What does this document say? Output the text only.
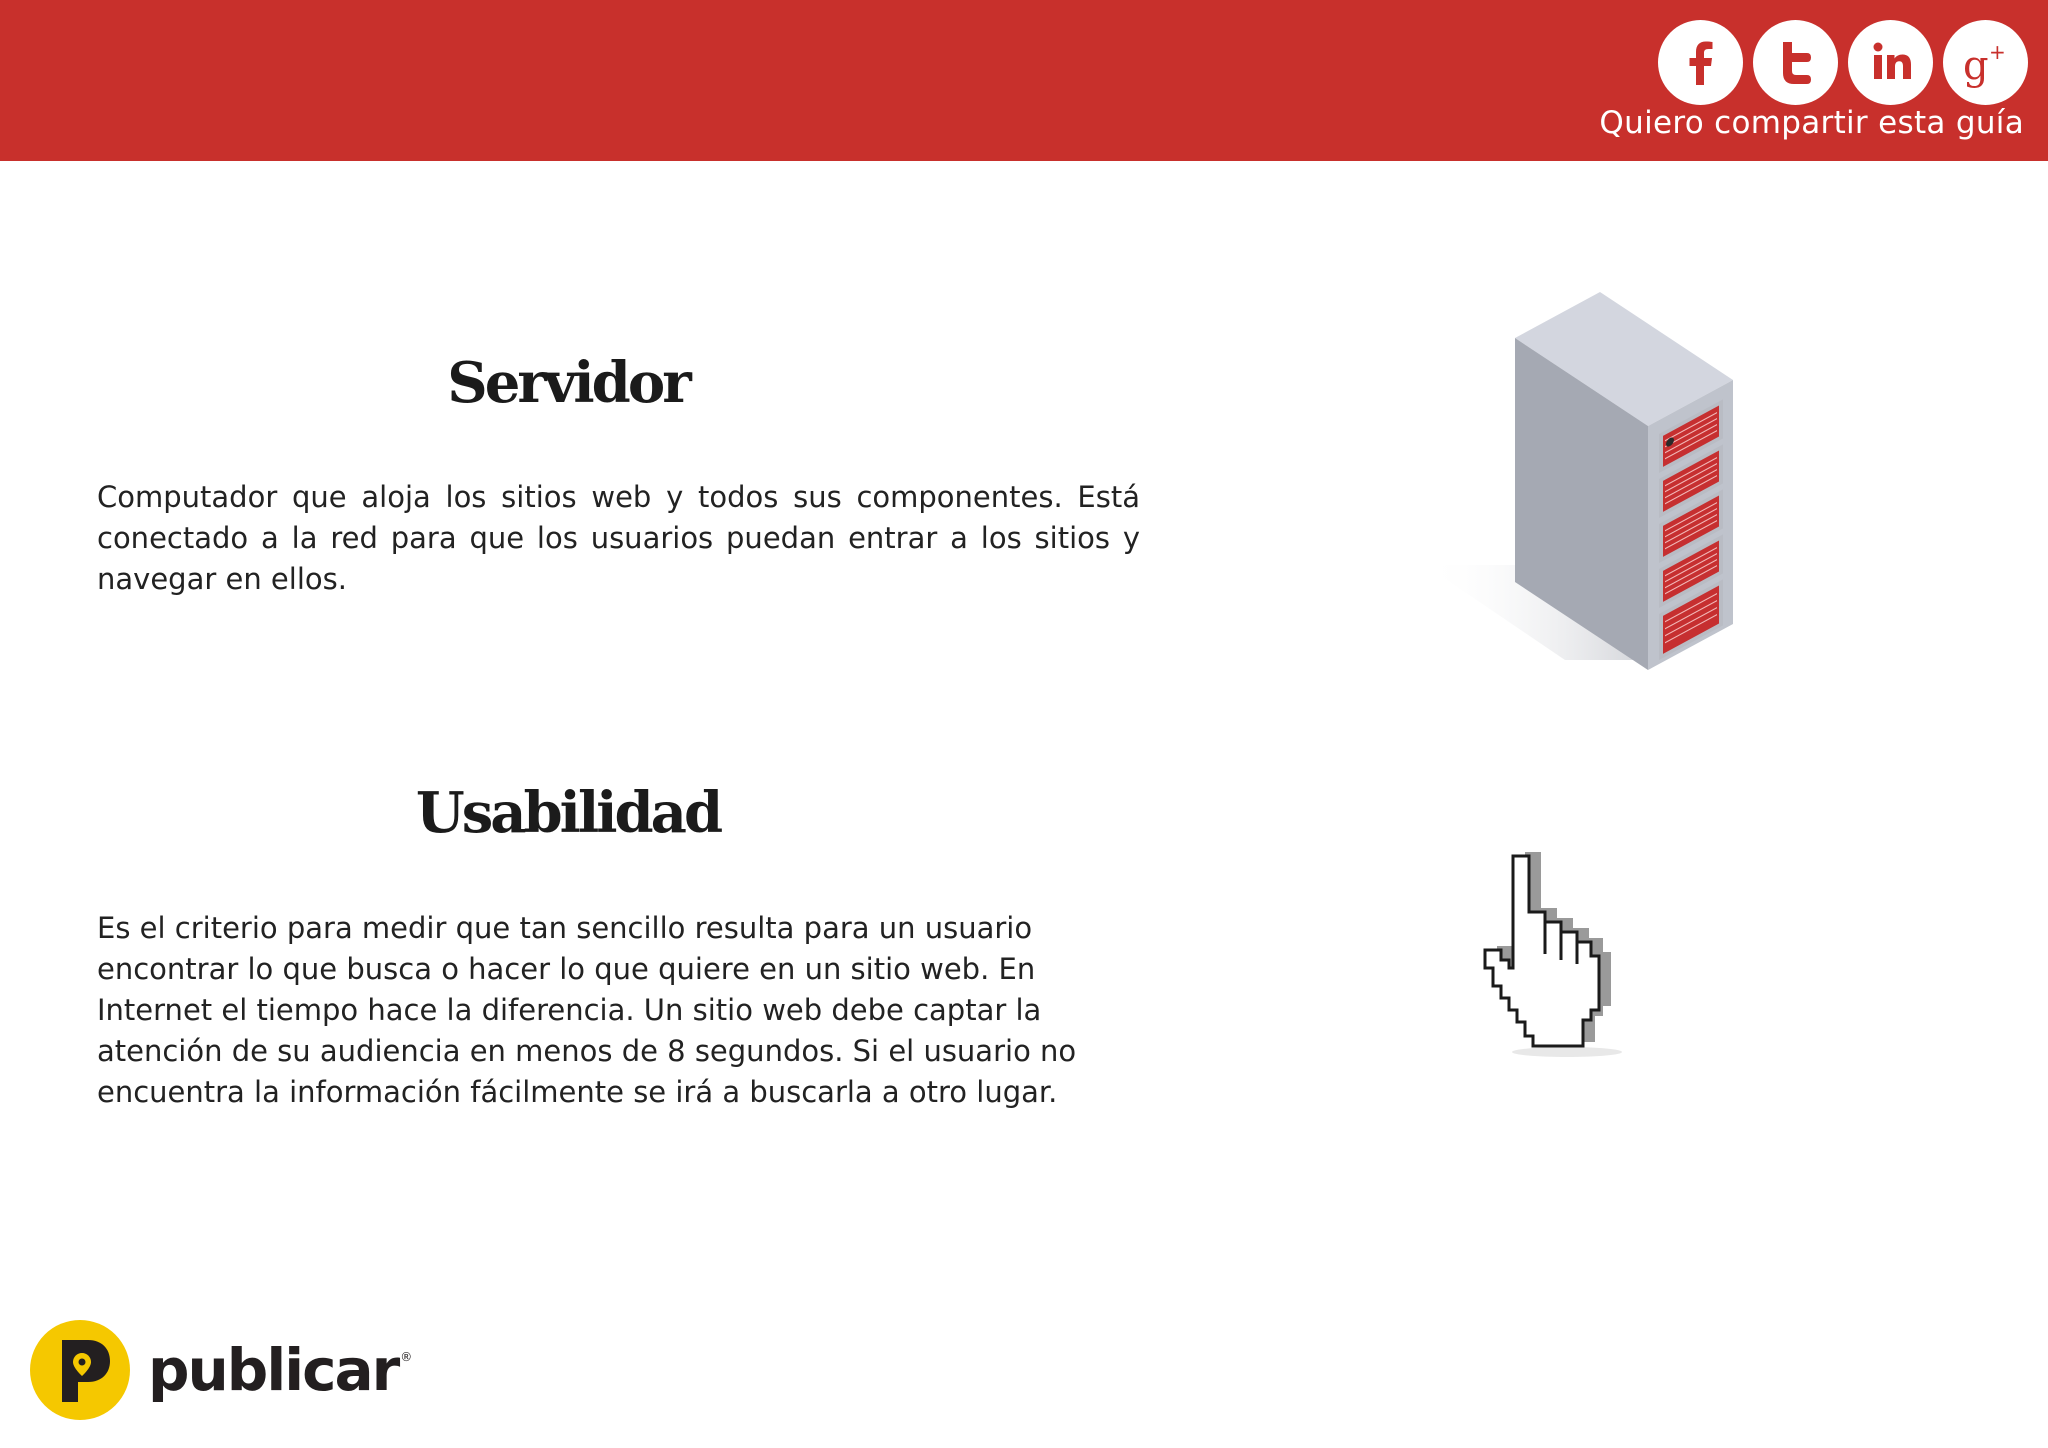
g +
Quiero compartir esta guía
Servidor

Computador que aloja los sitios web y todos sus componentes. Está conectado a la red para que los usuarios puedan entrar a los sitios y navegar en ellos.

Usabilidad

Es el criterio para medir que tan sencillo resulta para un usuario encontrar lo que busca o hacer lo que quiere en un sitio web. En Internet el tiempo hace la diferencia. Un sitio web debe captar la atención de su audiencia en menos de 8 segundos. Si el usuario no encuentra la información fácilmente se irá a buscarla a otro lugar.

publicar ®
